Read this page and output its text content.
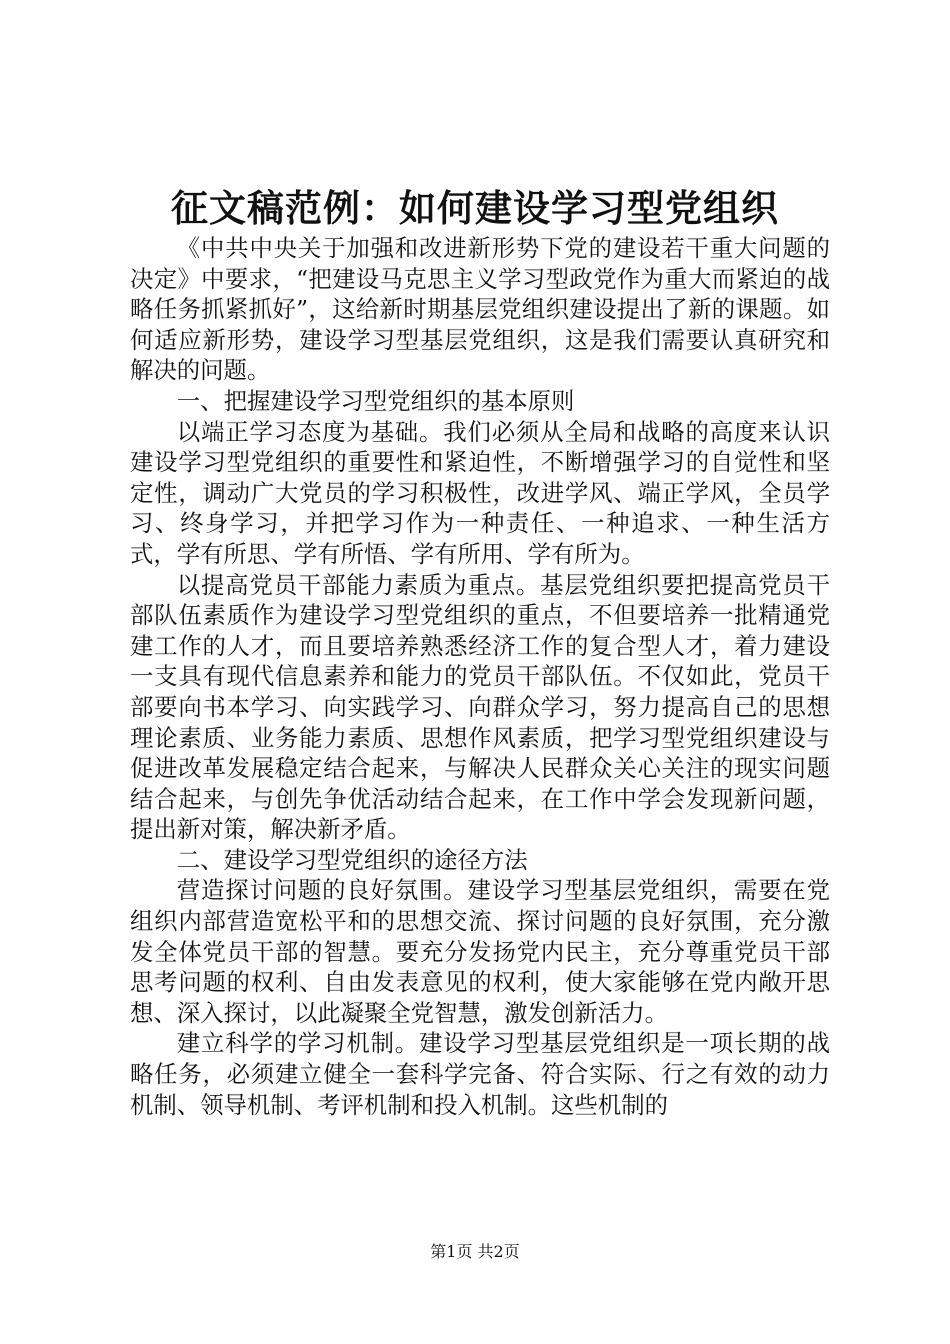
征文稿范例：如何建设学习型党组织

《中共中央关于加强和改进新形势下党的建设若干重大问题的决定》中要求，“把建设马克思主义学习型政党作为重大而紧迫的战略任务抓紧抓好”，这给新时期基层党组织建设提出了新的课题。如何适应新形势，建设学习型基层党组织，这是我们需要认真研究和解决的问题。

一、把握建设学习型党组织的基本原则

以端正学习态度为基础。我们必须从全局和战略的高度来认识建设学习型党组织的重要性和紧迫性，不断增强学习的自觉性和坚定性，调动广大党员的学习积极性，改进学风、端正学风，全员学习、终身学习，并把学习作为一种责任、一种追求、一种生活方式，学有所思、学有所悟、学有所用、学有所为。

以提高党员干部能力素质为重点。基层党组织要把提高党员干部队伍素质作为建设学习型党组织的重点，不但要培养一批精通党建工作的人才，而且要培养熟悉经济工作的复合型人才，着力建设一支具有现代信息素养和能力的党员干部队伍。不仅如此，党员干部要向书本学习、向实践学习、向群众学习，努力提高自己的思想理论素质、业务能力素质、思想作风素质，把学习型党组织建设与促进改革发展稳定结合起来，与解决人民群众关心关注的现实问题结合起来，与创先争优活动结合起来，在工作中学会发现新问题，提出新对策，解决新矛盾。

二、建设学习型党组织的途径方法

营造探讨问题的良好氛围。建设学习型基层党组织，需要在党组织内部营造宽松平和的思想交流、探讨问题的良好氛围，充分激发全体党员干部的智慧。要充分发扬党内民主，充分尊重党员干部思考问题的权利、自由发表意见的权利，使大家能够在党内敞开思想、深入探讨，以此凝聚全党智慧，激发创新活力。

建立科学的学习机制。建设学习型基层党组织是一项长期的战略任务，必须建立健全一套科学完备、符合实际、行之有效的动力机制、领导机制、考评机制和投入机制。这些机制的

第1页 共2页
